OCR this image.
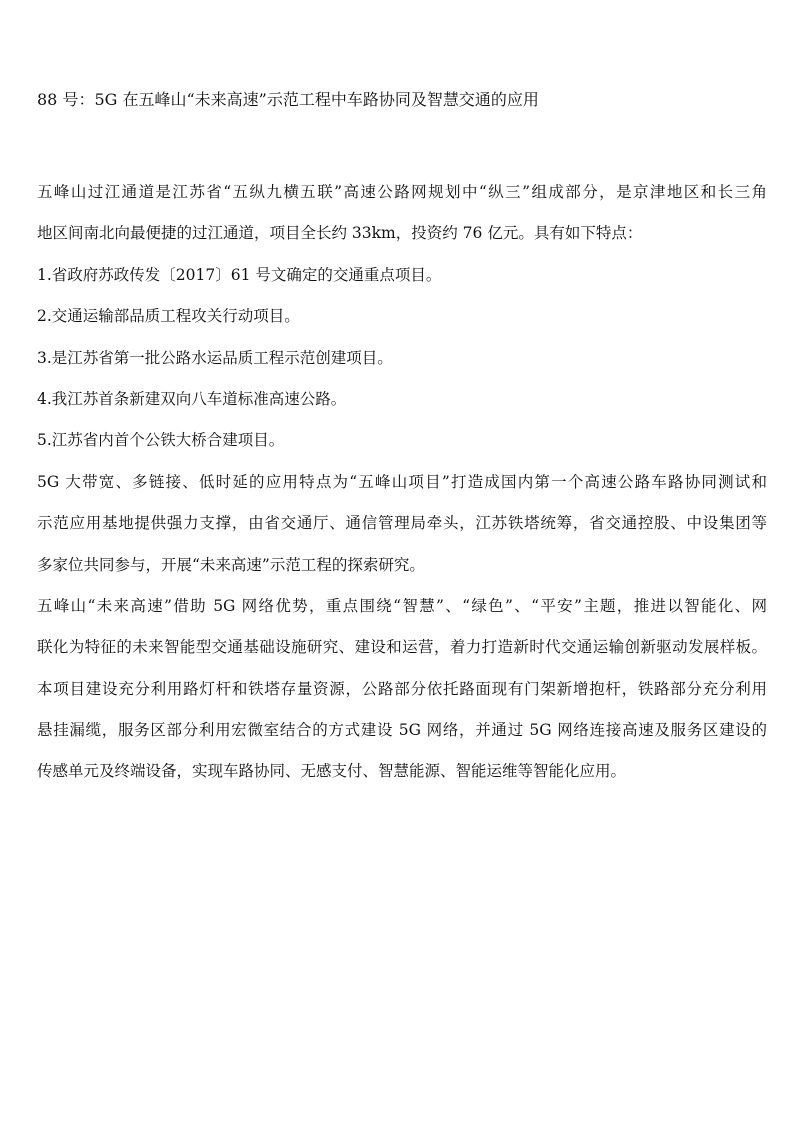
88 号：5G 在五峰山“未来高速”示范工程中车路协同及智慧交通的应用
五峰山过江通道是江苏省“五纵九横五联”高速公路网规划中“纵三”组成部分，是京津地区和长三角
地区间南北向最便捷的过江通道，项目全长约 33km，投资约 76 亿元。具有如下特点：
1.省政府苏政传发〔2017〕61 号文确定的交通重点项目。
2.交通运输部品质工程攻关行动项目。
3.是江苏省第一批公路水运品质工程示范创建项目。
4.我江苏首条新建双向八车道标准高速公路。
5.江苏省内首个公铁大桥合建项目。
5G 大带宽、多链接、低时延的应用特点为“五峰山项目”打造成国内第一个高速公路车路协同测试和
示范应用基地提供强力支撑，由省交通厅、通信管理局牵头，江苏铁塔统筹，省交通控股、中设集团等
多家位共同参与，开展“未来高速”示范工程的探索研究。
五峰山“未来高速”借助 5G 网络优势，重点围绕“智慧”、“绿色”、“平安”主题，推进以智能化、网
联化为特征的未来智能型交通基础设施研究、建设和运营，着力打造新时代交通运输创新驱动发展样板。
本项目建设充分利用路灯杆和铁塔存量资源，公路部分依托路面现有门架新增抱杆，铁路部分充分利用
悬挂漏缆，服务区部分利用宏微室结合的方式建设 5G 网络，并通过 5G 网络连接高速及服务区建设的
传感单元及终端设备，实现车路协同、无感支付、智慧能源、智能运维等智能化应用。
